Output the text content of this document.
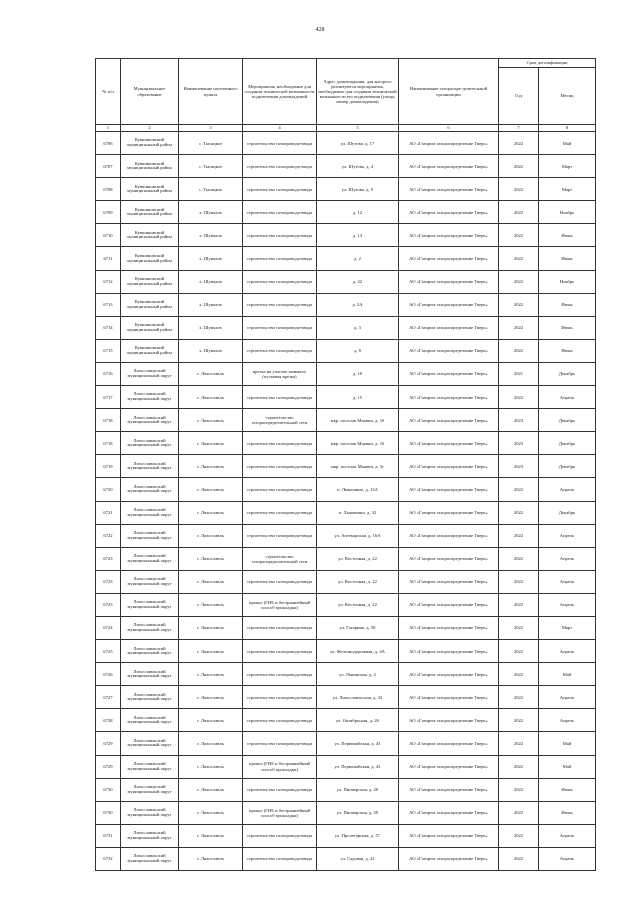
428
№ п/п	Муниципальное образование	Наименование населенного пункта	Мероприятия, необходимые для создания технической возможности подключения домовладений	Адрес домовладения, для которого реализуются мероприятия, необходимые для создания технической возможности его подключения (улица, номер домовладения)	Наименование газораспре-делительной организации	Срок догазификации	
						Год	Месяц
1	2	3	4	5	6	7	8
6706	Кувшиновский муниципальный район	с. Тысяцкое	строительство газопровода-ввода	ул. Шутова, д. 17	АО «Газпром газораспределение Тверь»	2022	Май
6707	Кувшиновский муниципальный район	с. Тысяцкое	строительство газопровода-ввода	ул. Шутова, д. 4	АО «Газпром газораспределение Тверь»	2022	Март
6708	Кувшиновский муниципальный район	с. Тысяцкое	строительство газопровода-ввода	ул. Шутова, д. 9	АО «Газпром газораспределение Тверь»	2022	Март
6709	Кувшиновский муниципальный район	х. Шувалов	строительство газопровода-ввода	д. 12	АО «Газпром газораспределение Тверь»	2022	Ноябрь
6710	Кувшиновский муниципальный район	х. Шувалов	строительство газопровода-ввода	д. 13	АО «Газпром газораспределение Тверь»	2022	Июнь
6711	Кувшиновский муниципальный район	х. Шувалов	строительство газопровода-ввода	д. 2	АО «Газпром газораспределение Тверь»	2022	Июнь
6712	Кувшиновский муниципальный район	х. Шувалов	строительство газопровода-ввода	д. 22	АО «Газпром газораспределение Тверь»	2022	Ноябрь
6713	Кувшиновский муниципальный район	х. Шувалов	строительство газопровода-ввода	д. 2А	АО «Газпром газораспределение Тверь»	2022	Июнь
6714	Кувшиновский муниципальный район	х. Шувалов	строительство газопровода-ввода	д. 3	АО «Газпром газораспределение Тверь»	2022	Июнь
6715	Кувшиновский муниципальный район	х. Шувалов	строительство газопровода-ввода	д. 8	АО «Газпром газораспределение Тверь»	2022	Июнь
6716	Лихославльский муниципальный округ	г. Лихославль	врезка на участке замнятое (пусковая врезка)	д. 10	АО «Газпром газораспределение Тверь»	2021	Декабрь
6717	Лихославльский муниципальный округ	г. Лихославль	строительство газопровода-ввода	д. 15	АО «Газпром газораспределение Тверь»	2022	Апрель
6718	Лихославльский муниципальный округ	г. Лихославль	строительство газораспределительной сети	мкр. поселок Мышки, д. 16	АО «Газпром газораспределение Тверь»	2023	Декабрь
6718	Лихославльский муниципальный округ	г. Лихославль	строительство газопровода-ввода	мкр. поселок Мышки, д. 16	АО «Газпром газораспределение Тверь»	2023	Декабрь
6719	Лихославльский муниципальный округ	г. Лихославль	строительство газопровода-ввода	мкр. поселок Мышки, д. 3г	АО «Газпром газораспределение Тверь»	2023	Декабрь
6720	Лихославльский муниципальный округ	г. Лихославль	строительство газопровода-ввода	п. Лыкошино, д. 13А	АО «Газпром газораспределение Тверь»	2022	Апрель
6721	Лихославльский муниципальный округ	г. Лихославль	строительство газопровода-ввода	п. Лыкошино, д. 32	АО «Газпром газораспределение Тверь»	2022	Декабрь
6722	Лихославльский муниципальный округ	г. Лихославль	строительство газопровода-ввода	ул. Аптекарская, д. 16А	АО «Газпром газораспределение Тверь»	2022	Апрель
6723	Лихославльский муниципальный округ	г. Лихославль	строительство газораспределительной сети	ул. Восточная, д. 22	АО «Газпром газораспределение Тверь»	2022	Апрель
6723	Лихославльский муниципальный округ	г. Лихославль	строительство газопровода-ввода	ул. Восточная, д. 22	АО «Газпром газораспределение Тверь»	2022	Апрель
6723	Лихославльский муниципальный округ	г. Лихославль	прокол (ГНБ и бестраншейный способ прокладки)	ул. Восточная, д. 22	АО «Газпром газораспределение Тверь»	2022	Апрель
6724	Лихославльский муниципальный округ	г. Лихославль	строительство газопровода-ввода	ул. Гагарина, д. 58	АО «Газпром газораспределение Тверь»	2022	Март
6725	Лихославльский муниципальный округ	г. Лихославль	строительство газопровода-ввода	ул. Железнодорожная, д. 4А	АО «Газпром газораспределение Тверь»	2022	Апрель
6726	Лихославльский муниципальный округ	г. Лихославль	строительство газопровода-ввода	ул. Ленинская, д. 2	АО «Газпром газораспределение Тверь»	2022	Май
6727	Лихославльский муниципальный округ	г. Лихославль	строительство газопровода-ввода	ул. Лихославльская, д. 32	АО «Газпром газораспределение Тверь»	2022	Апрель
6728	Лихославльский муниципальный округ	г. Лихославль	строительство газопровода-ввода	ул. Октябрьская, д. 26	АО «Газпром газораспределение Тверь»	2022	Апрель
6729	Лихославльский муниципальный округ	г. Лихославль	строительство газопровода-ввода	ул. Первомайская, д. 43	АО «Газпром газораспределение Тверь»	2022	Май
6729	Лихославльский муниципальный округ	г. Лихославль	прокол (ГНБ и бестраншейный способ прокладки)	ул. Первомайская, д. 43	АО «Газпром газораспределение Тверь»	2022	Май
6730	Лихославльский муниципальный округ	г. Лихославль	строительство газопровода-ввода	ул. Пионерская, д. 20	АО «Газпром газораспределение Тверь»	2022	Июнь
6730	Лихославльский муниципальный округ	г. Лихославль	прокол (ГНБ и бестраншейный способ прокладки)	ул. Пионерская, д. 20	АО «Газпром газораспределение Тверь»	2022	Июнь
6731	Лихославльский муниципальный округ	г. Лихославль	строительство газопровода-ввода	ул. Пролетарская, д. 57	АО «Газпром газораспределение Тверь»	2022	Апрель
6732	Лихославльский муниципальный округ	г. Лихославль	строительство газопровода-ввода	ул. Садовая, д. 22	АО «Газпром газораспределение Тверь»	2022	Апрель
